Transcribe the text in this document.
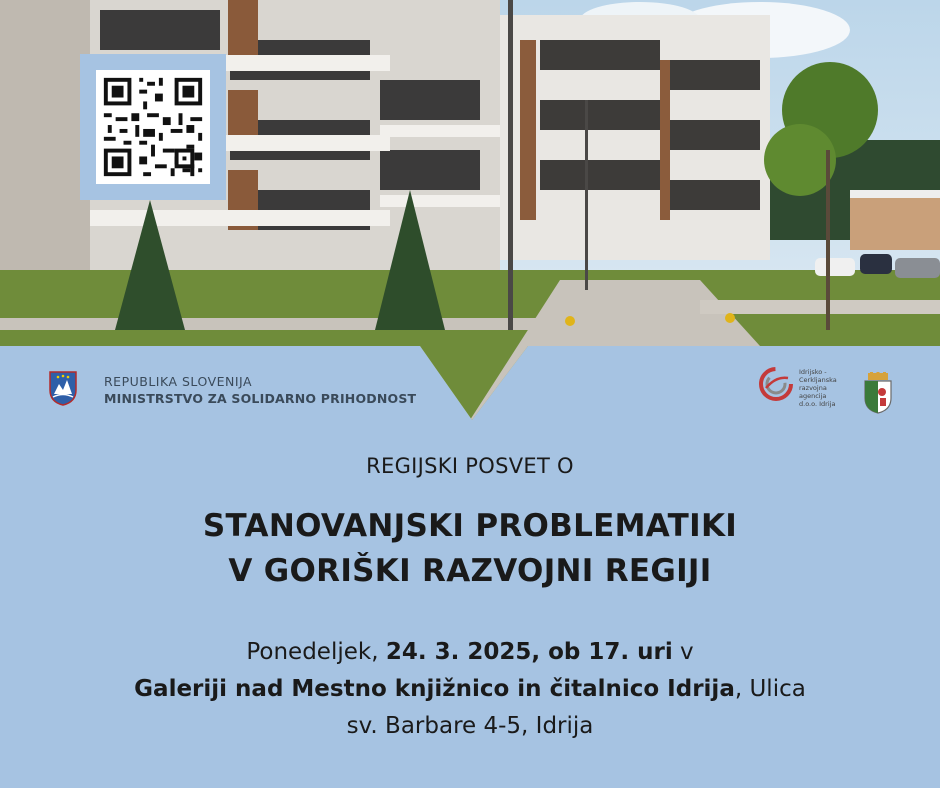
REPUBLIKA SLOVENIJA
MINISTRSTVO ZA SOLIDARNO PRIHODNOST
Idrijsko -
Cerkljanska
razvojna
agencija
d.o.o. Idrija
REGIJSKI POSVET O
STANOVANJSKI PROBLEMATIKI
V GORIŠKI RAZVOJNI REGIJI
Ponedeljek, 24. 3. 2025, ob 17. uri v
Galeriji nad Mestno knjižnico in čitalnico Idrija, Ulica
sv. Barbare 4-5, Idrija
